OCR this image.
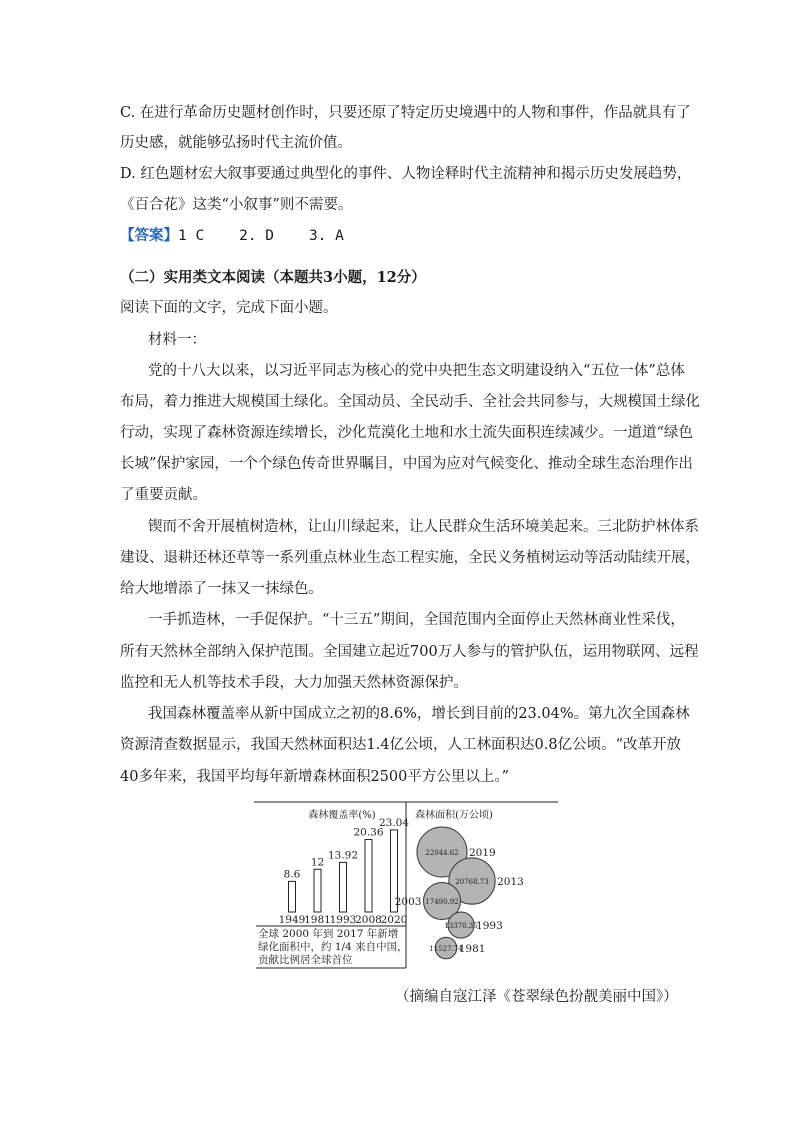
C. 在进行革命历史题材创作时，只要还原了特定历史境遇中的人物和事件，作品就具有了
历史感，就能够弘扬时代主流价值。
D. 红色题材宏大叙事要通过典型化的事件、人物诠释时代主流精神和揭示历史发展趋势，
《百合花》这类“小叙事”则不需要。
【答案】1 C    2. D    3. A
（二）实用类文本阅读（本题共3小题，12分）
阅读下面的文字，完成下面小题。
材料一：
党的十八大以来，以习近平同志为核心的党中央把生态文明建设纳入“五位一体”总体
布局，着力推进大规模国土绿化。全国动员、全民动手、全社会共同参与，大规模国土绿化
行动，实现了森林资源连续增长，沙化荒漠化土地和水土流失面积连续减少。一道道“绿色
长城”保护家园，一个个绿色传奇世界瞩目，中国为应对气候变化、推动全球生态治理作出
了重要贡献。
锲而不舍开展植树造林，让山川绿起来，让人民群众生活环境美起来。三北防护林体系
建设、退耕还林还草等一系列重点林业生态工程实施，全民义务植树运动等活动陆续开展，
给大地增添了一抹又一抹绿色。
一手抓造林，一手促保护。“十三五”期间，全国范围内全面停止天然林商业性采伐，
所有天然林全部纳入保护范围。全国建立起近700万人参与的管护队伍，运用物联网、远程
监控和无人机等技术手段，大力加强天然林资源保护。
我国森林覆盖率从新中国成立之初的8.6%，增长到目前的23.04%。第九次全国森林
资源清查数据显示，我国天然林面积达1.4亿公顷，人工林面积达0.8亿公顷。“改革开放
40多年来，我国平均每年新增森林面积2500平方公里以上。”
森林覆盖率(%)
8.6
1949
12
1981
13.92
1993
20.36
2008
23.04
2020
全球 2000 年到 2017 年新增
绿化面积中，约 1/4 来自中国，
贡献比例居全球首位
森林面积(万公顷)
22044.62 2019
20768.73 2013
17490.92
2003
13370.35
1993
11527.74
1981
（摘编自寇江泽《苍翠绿色扮靓美丽中国》）
